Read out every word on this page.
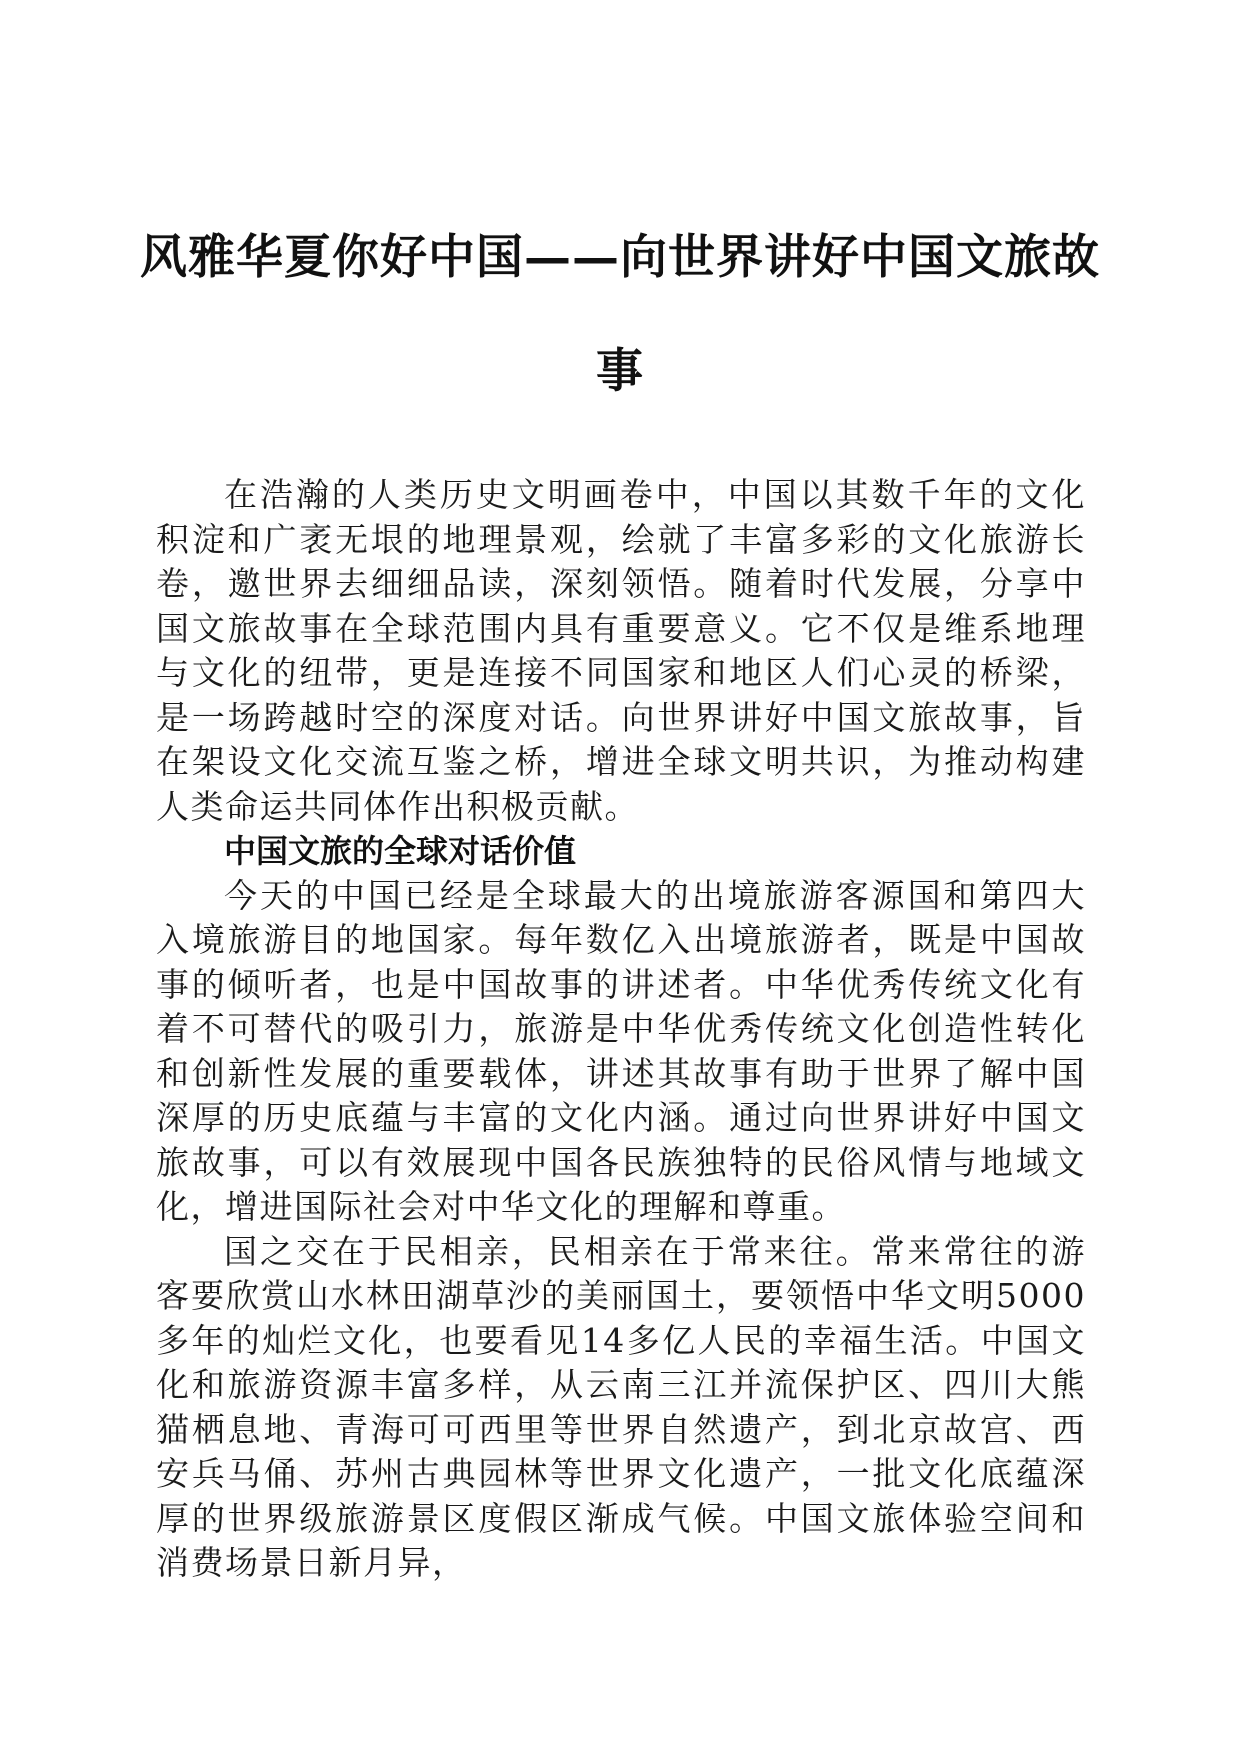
风雅华夏你好中国——向世界讲好中国文旅故
事

在浩瀚的人类历史文明画卷中，中国以其数千年的文化积淀和广袤无垠的地理景观，绘就了丰富多彩的文化旅游长卷，邀世界去细细品读，深刻领悟。随着时代发展，分享中国文旅故事在全球范围内具有重要意义。它不仅是维系地理与文化的纽带，更是连接不同国家和地区人们心灵的桥梁，是一场跨越时空的深度对话。向世界讲好中国文旅故事，旨在架设文化交流互鉴之桥，增进全球文明共识，为推动构建人类命运共同体作出积极贡献。

中国文旅的全球对话价值

今天的中国已经是全球最大的出境旅游客源国和第四大入境旅游目的地国家。每年数亿入出境旅游者，既是中国故事的倾听者，也是中国故事的讲述者。中华优秀传统文化有着不可替代的吸引力，旅游是中华优秀传统文化创造性转化和创新性发展的重要载体，讲述其故事有助于世界了解中国深厚的历史底蕴与丰富的文化内涵。通过向世界讲好中国文旅故事，可以有效展现中国各民族独特的民俗风情与地域文化，增进国际社会对中华文化的理解和尊重。

国之交在于民相亲，民相亲在于常来往。常来常往的游客要欣赏山水林田湖草沙的美丽国土，要领悟中华文明5000多年的灿烂文化，也要看见14多亿人民的幸福生活。中国文化和旅游资源丰富多样，从云南三江并流保护区、四川大熊猫栖息地、青海可可西里等世界自然遗产，到北京故宫、西安兵马俑、苏州古典园林等世界文化遗产，一批文化底蕴深厚的世界级旅游景区度假区渐成气候。中国文旅体验空间和消费场景日新月异，
